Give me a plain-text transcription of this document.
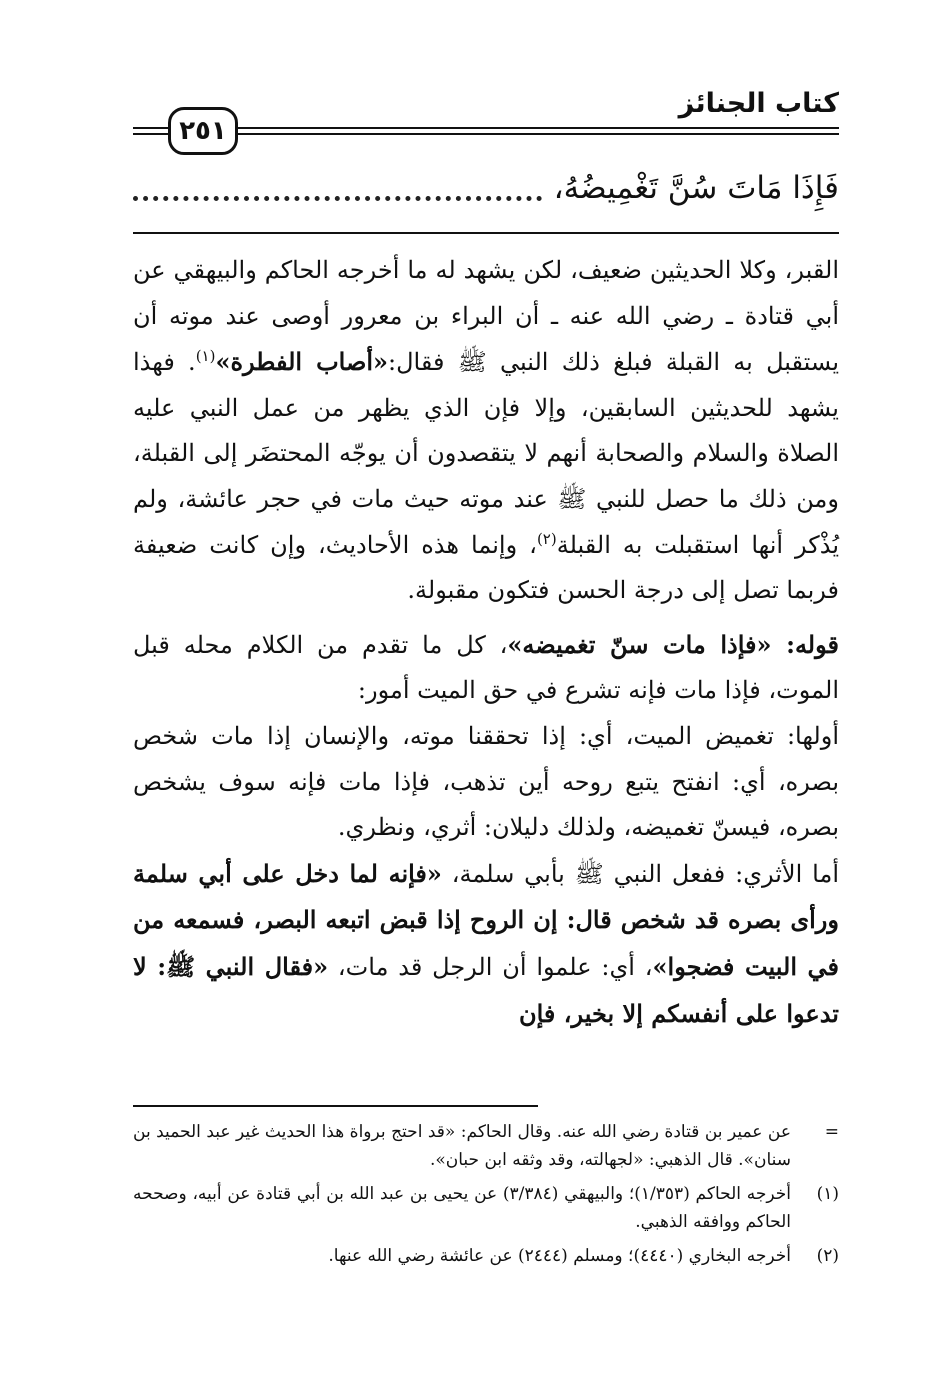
كتاب الجنائز
٢٥١
فَإِذَا مَاتَ سُنَّ تَغْمِيضُهُ،

القبر، وكلا الحديثين ضعيف، لكن يشهد له ما أخرجه الحاكم والبيهقي عن أبي قتادة ـ رضي الله عنه ـ أن البراء بن معرور أوصى عند موته أن يستقبل به القبلة فبلغ ذلك النبي ﷺ فقال:«أصاب الفطرة»$^{(١)}$. فهذا يشهد للحديثين السابقين، وإلا فإن الذي يظهر من عمل النبي عليه الصلاة والسلام والصحابة أنهم لا يتقصدون أن يوجّه المحتضَر إلى القبلة، ومن ذلك ما حصل للنبي ﷺ عند موته حيث مات في حجر عائشة، ولم يُذْكر أنها استقبلت به القبلة$^{(٢)}$، وإنما هذه الأحاديث، وإن كانت ضعيفة فربما تصل إلى درجة الحسن فتكون مقبولة.

قوله: «فإذا مات سنّ تغميضه»، كل ما تقدم من الكلام محله قبل الموت، فإذا مات فإنه تشرع في حق الميت أمور:

أولها: تغميض الميت، أي: إذا تحققنا موته، والإنسان إذا مات شخص بصره، أي: انفتح يتبع روحه أين تذهب، فإذا مات فإنه سوف يشخص بصره، فيسنّ تغميضه، ولذلك دليلان: أثري، ونظري.

أما الأثري: ففعل النبي ﷺ بأبي سلمة، «فإنه لما دخل على أبي سلمة ورأى بصره قد شخص قال: إن الروح إذا قبض اتبعه البصر، فسمعه من في البيت فضجوا»، أي: علموا أن الرجل قد مات، «فقال النبي ﷺ: لا تدعوا على أنفسكم إلا بخير، فإن

=
عن عمير بن قتادة رضي الله عنه. وقال الحاكم: «قد احتج برواة هذا الحديث غير عبد الحميد بن سنان». قال الذهبي: «لجهالته، وقد وثقه ابن حبان».
(١)
أخرجه الحاكم (١/٣٥٣)؛ والبيهقي (٣/٣٨٤) عن يحيى بن عبد الله بن أبي قتادة عن أبيه، وصححه الحاكم ووافقه الذهبي.
(٢)
أخرجه البخاري (٤٤٤٠)؛ ومسلم (٢٤٤٤) عن عائشة رضي الله عنها.
